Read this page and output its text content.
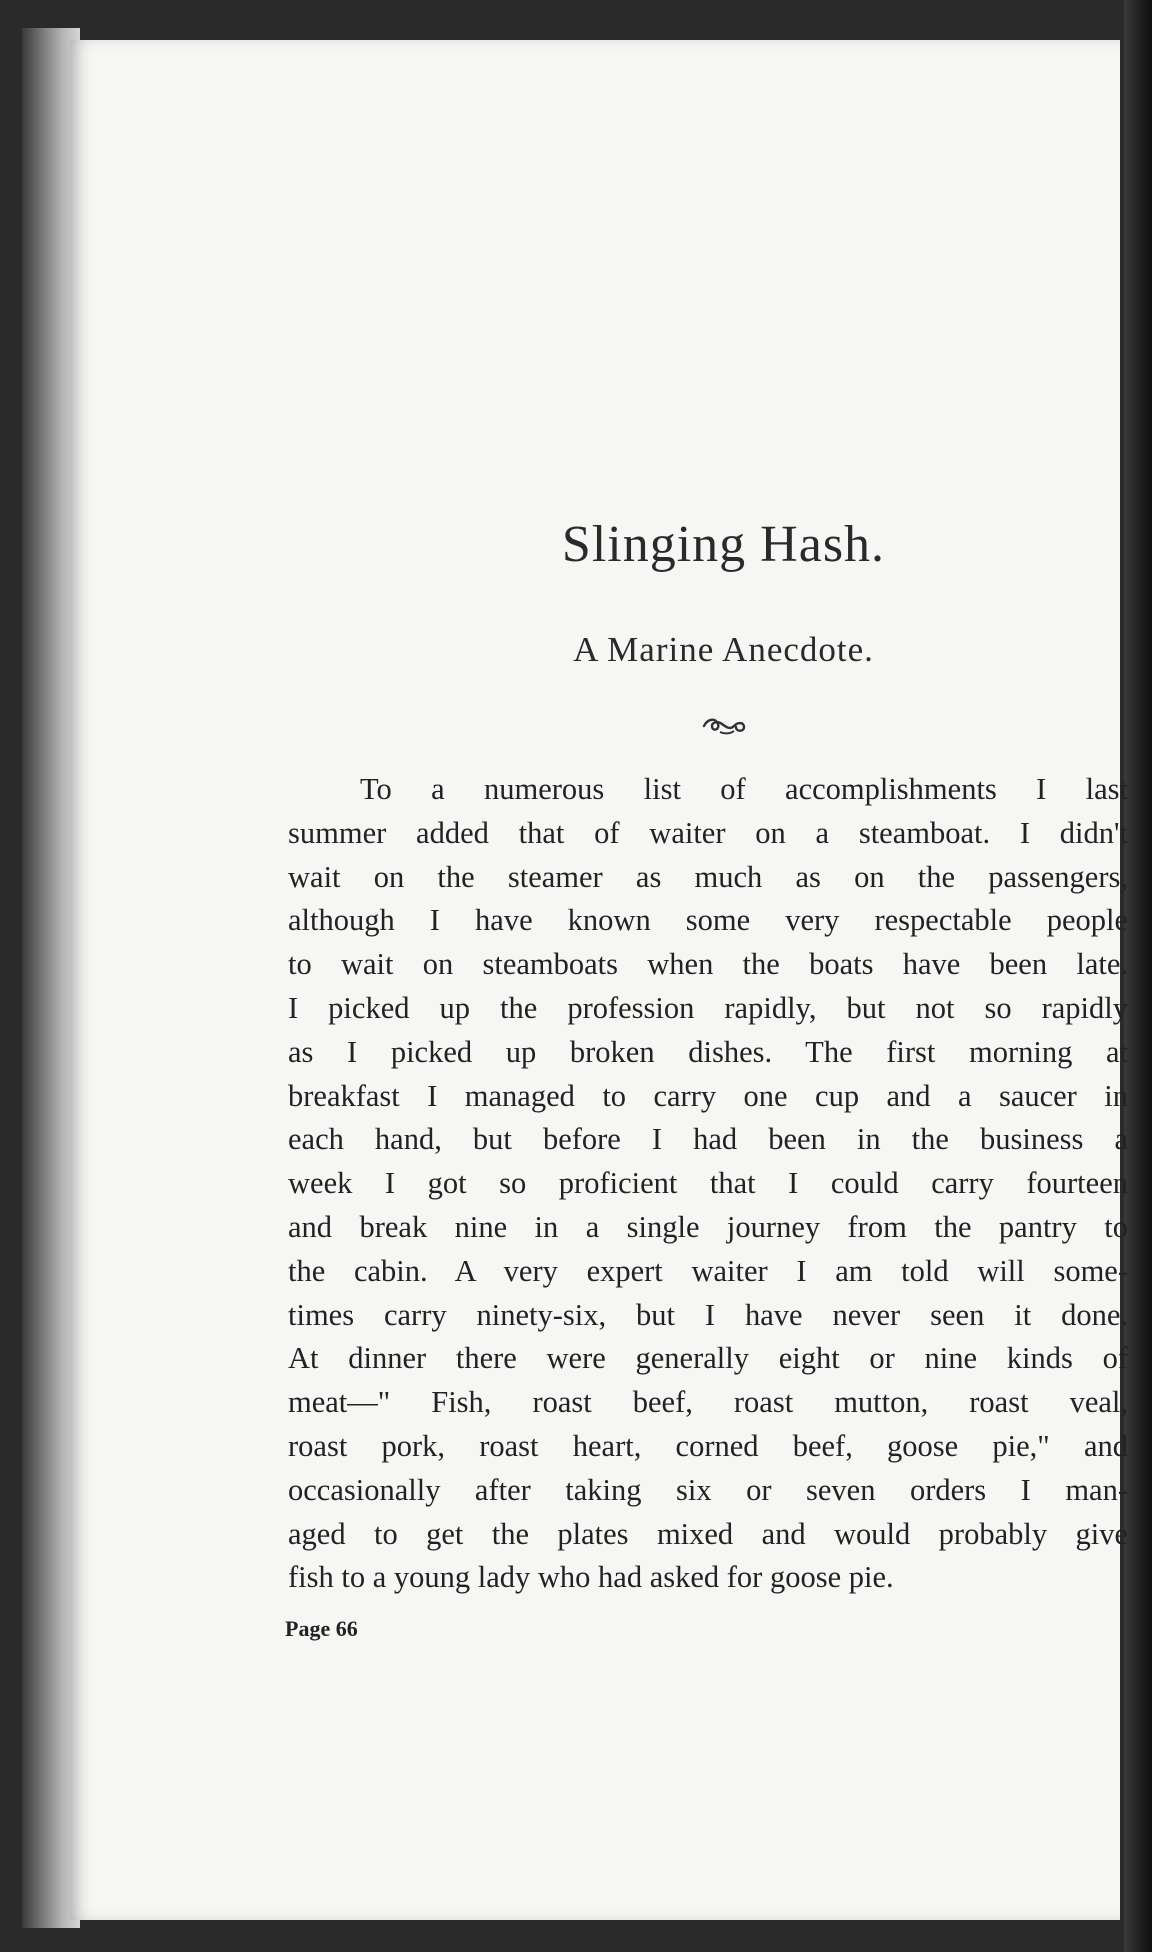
Slinging Hash.
A Marine Anecdote.

To a numerous list of accomplishments I last
summer added that of waiter on a steamboat. I didn't
wait on the steamer as much as on the passengers,
although I have known some very respectable people
to wait on steamboats when the boats have been late.
I picked up the profession rapidly, but not so rapidly
as I picked up broken dishes. The first morning at
breakfast I managed to carry one cup and a saucer in
each hand, but before I had been in the business a
week I got so proficient that I could carry fourteen
and break nine in a single journey from the pantry to
the cabin. A very expert waiter I am told will some-
times carry ninety-six, but I have never seen it done.
At dinner there were generally eight or nine kinds of
meat—" Fish, roast beef, roast mutton, roast veal,
roast pork, roast heart, corned beef, goose pie," and
occasionally after taking six or seven orders I man-
aged to get the plates mixed and would probably give
fish to a young lady who had asked for goose pie.

Page 66
